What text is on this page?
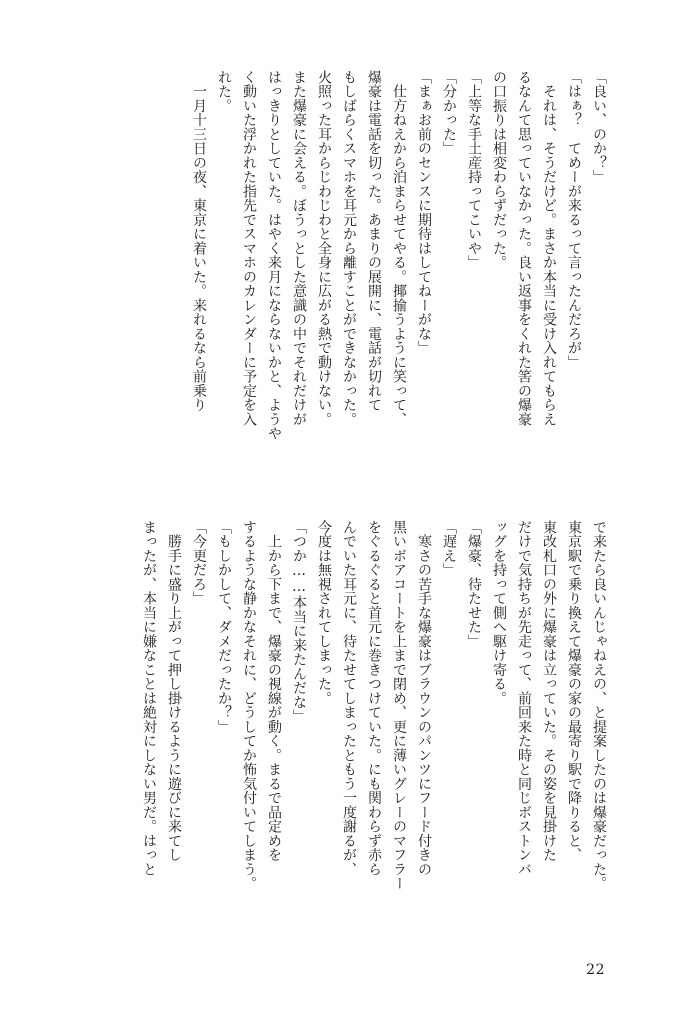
「良い、のか？」
「はぁ？　てめーが来るって言ったんだろが」
　それは、そうだけど。まさか本当に受け入れてもらえ
るなんて思っていなかった。良い返事をくれた筈の爆豪
の口振りは相変わらずだった。
「上等な手土産持ってこいや」
「分かった」
「まぁお前のセンスに期待はしてねーがな」
　仕方ねえから泊まらせてやる。揶揄うように笑って、
爆豪は電話を切った。あまりの展開に、電話が切れて
もしばらくスマホを耳元から離すことができなかった。
火照った耳からじわじわと全身に広がる熱で動けない。
また爆豪に会える。ぼうっとした意識の中でそれだけが
はっきりとしていた。はやく来月にならないかと、ようや
く動いた浮かれた指先でスマホのカレンダーに予定を入
れた。
　一月十三日の夜、東京に着いた。来れるなら前乗り
で来たら良いんじゃねえの、と提案したのは爆豪だった。
東京駅で乗り換えて爆豪の家の最寄り駅で降りると、
東改札口の外に爆豪は立っていた。その姿を見掛けた
だけで気持ちが先走って、前回来た時と同じボストンバ
ッグを持って側へ駆け寄る。
「爆豪、待たせた」
「遅え」
　寒さの苦手な爆豪はブラウンのパンツにフード付きの
黒いボアコートを上まで閉め、更に薄いグレーのマフラー
をぐるぐると首元に巻きつけていた。にも関わらず赤ら
んでいた耳元に、待たせてしまったともう一度謝るが、
今度は無視されてしまった。
「つか……本当に来たんだな」
　上から下まで、爆豪の視線が動く。まるで品定めを
するような静かなそれに、どうしてか怖気付いてしまう。
「もしかして、ダメだったか？」
「今更だろ」
　勝手に盛り上がって押し掛けるように遊びに来てし
まったが、本当に嫌なことは絶対にしない男だ。はっと
22
